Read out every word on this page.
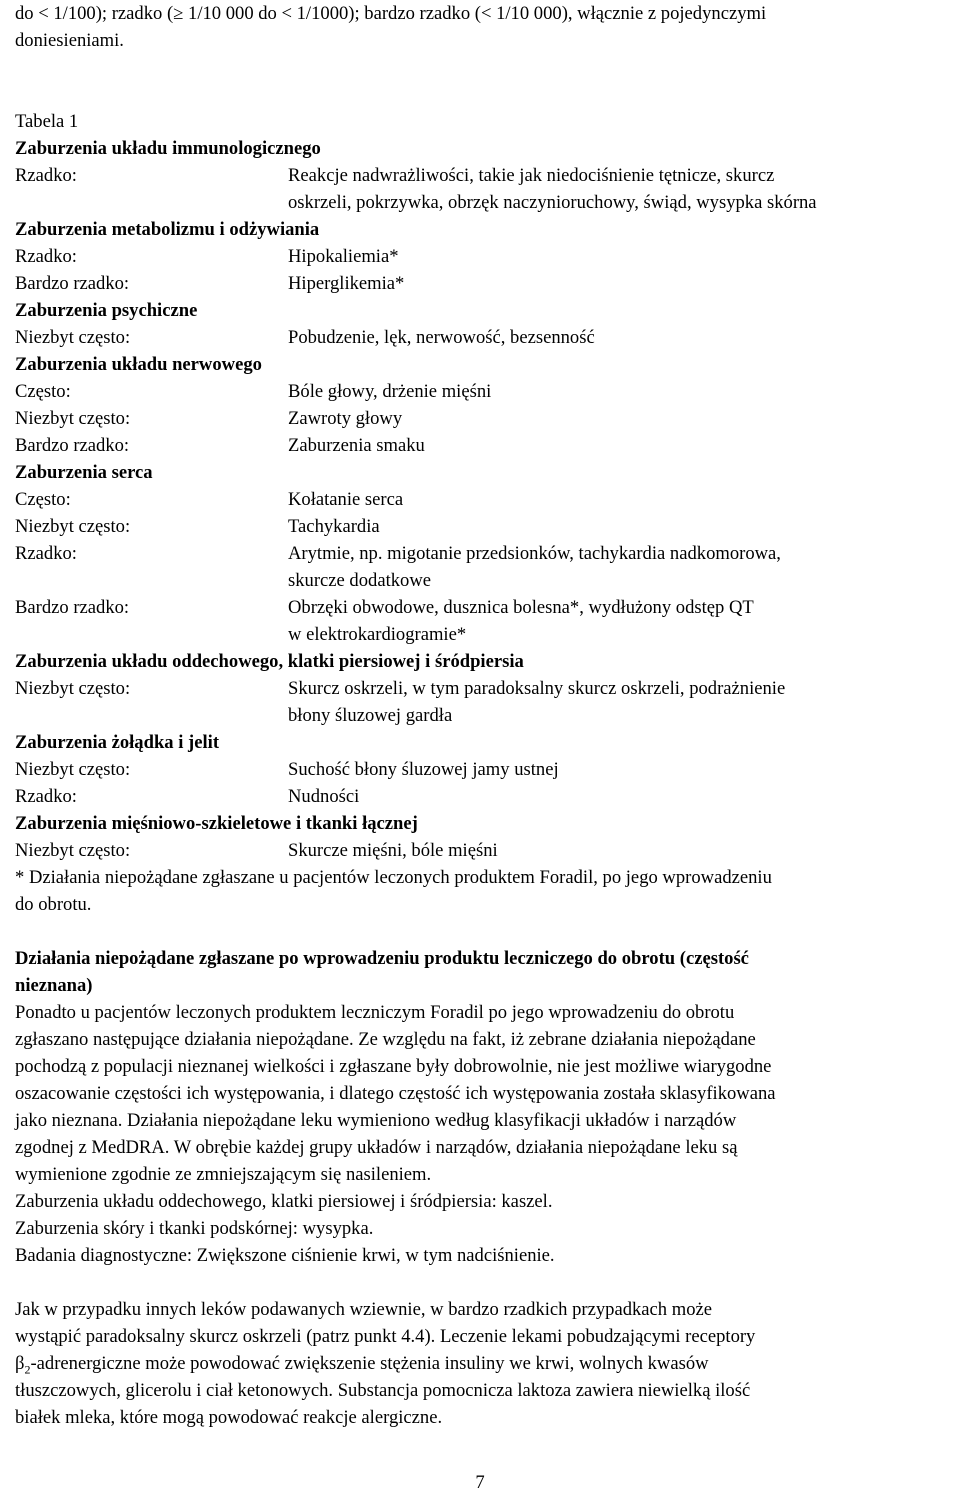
do < 1/100); rzadko (≥ 1/10 000 do < 1/1000); bardzo rzadko (< 1/10 000), włącznie z pojedynczymi

doniesieniami.

Tabela 1

Zaburzenia układu immunologicznego

Rzadko:	Reakcje nadwrażliwości, takie jak niedociśnienie tętnicze, skurcz
oskrzeli, pokrzywka, obrzęk naczynioruchowy, świąd, wysypka skórna

Zaburzenia metabolizmu i odżywiania

Rzadko:	Hipokaliemia*
Bardzo rzadko:	Hiperglikemia*

Zaburzenia psychiczne

Niezbyt często:	Pobudzenie, lęk, nerwowość, bezsenność

Zaburzenia układu nerwowego

Często:	Bóle głowy, drżenie mięśni
Niezbyt często:	Zawroty głowy
Bardzo rzadko:	Zaburzenia smaku

Zaburzenia serca

Często:	Kołatanie serca
Niezbyt często:	Tachykardia
Rzadko:	Arytmie, np. migotanie przedsionków, tachykardia nadkomorowa,
skurcze dodatkowe
Bardzo rzadko:	Obrzęki obwodowe, dusznica bolesna*, wydłużony odstęp QT
w elektrokardiogramie*

Zaburzenia układu oddechowego, klatki piersiowej i śródpiersia

Niezbyt często:	Skurcz oskrzeli, w tym paradoksalny skurcz oskrzeli, podrażnienie
błony śluzowej gardła

Zaburzenia żołądka i jelit

Niezbyt często:	Suchość błony śluzowej jamy ustnej
Rzadko:	Nudności

Zaburzenia mięśniowo-szkieletowe i tkanki łącznej

Niezbyt często:	Skurcze mięśni, bóle mięśni

* Działania niepożądane zgłaszane u pacjentów leczonych produktem Foradil, po jego wprowadzeniu

do obrotu.

Działania niepożądane zgłaszane po wprowadzeniu produktu leczniczego do obrotu (częstość

nieznana)

Ponadto u pacjentów leczonych produktem leczniczym Foradil po jego wprowadzeniu do obrotu

zgłaszano następujące działania niepożądane. Ze względu na fakt, iż zebrane działania niepożądane

pochodzą z populacji nieznanej wielkości i zgłaszane były dobrowolnie, nie jest możliwe wiarygodne

oszacowanie częstości ich występowania, i dlatego częstość ich występowania została sklasyfikowana

jako nieznana. Działania niepożądane leku wymieniono według klasyfikacji układów i narządów

zgodnej z MedDRA. W obrębie każdej grupy układów i narządów, działania niepożądane leku są

wymienione zgodnie ze zmniejszającym się nasileniem.

Zaburzenia układu oddechowego, klatki piersiowej i śródpiersia: kaszel.

Zaburzenia skóry i tkanki podskórnej: wysypka.

Badania diagnostyczne: Zwiększone ciśnienie krwi, w tym nadciśnienie.

Jak w przypadku innych leków podawanych wziewnie, w bardzo rzadkich przypadkach może

wystąpić paradoksalny skurcz oskrzeli (patrz punkt 4.4). Leczenie lekami pobudzającymi receptory

$\beta_2$-adrenergiczne może powodować zwiększenie stężenia insuliny we krwi, wolnych kwasów

tłuszczowych, glicerolu i ciał ketonowych. Substancja pomocnicza laktoza zawiera niewielką ilość

białek mleka, które mogą powodować reakcje alergiczne.

7
